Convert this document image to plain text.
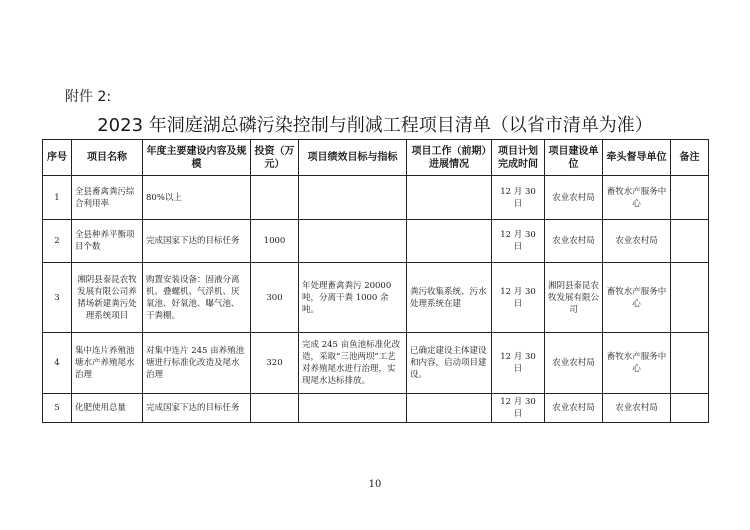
附件 2:
2023 年洞庭湖总磷污染控制与削减工程项目清单（以省市清单为准）
序号	项目名称	年度主要建设内容及规模	投资（万元）	项目绩效目标与指标	项目工作（前期）进展情况	项目计划完成时间	项目建设单位	牵头督导单位	备注
1	全县畜禽粪污综合利用率	80%以上				12 月 30 日	农业农村局	畜牧水产服务中心	
2	全县种养平衡项目个数	完成国家下达的目标任务	1000			12 月 30 日	农业农村局	农业农村局	
3	湘阴县泰昆农牧发展有限公司养猪场新建粪污处理系统项目	购置安装设备：固液分离机、叠螺机、气浮机、厌氧池、好氧池、曝气池、干粪棚。	300	年处理畜禽粪污 20000 吨，分离干粪 1000 余吨。	粪污收集系统、污水处理系统在建	12 月 30 日	湘阴县泰昆农牧发展有限公司	畜牧水产服务中心	
4	集中连片养殖池塘水产养殖尾水治理	对集中连片 245 亩养殖池塘进行标准化改造及尾水治理	320	完成 245 亩鱼池标准化改造，采取“三池两坝”工艺对养殖尾水进行治理，实现尾水达标排放。	已确定建设主体建设和内容，启动项目建设。	12 月 30 日	农业农村局	畜牧水产服务中心	
5	化肥使用总量	完成国家下达的目标任务				12 月 30 日	农业农村局	农业农村局	
10
